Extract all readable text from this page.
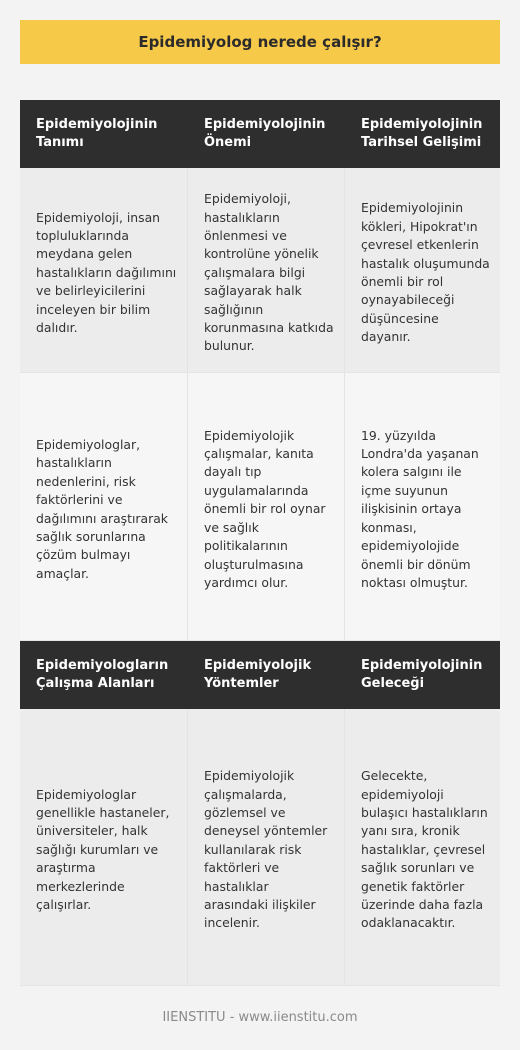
Epidemiyolog nerede çalışır?
Epidemiyolojinin Tanımı
Epidemiyolojinin Önemi
Epidemiyolojinin Tarihsel Gelişimi
Epidemiyoloji, insan topluluklarında meydana gelen hastalıkların dağılımını ve belirleyicilerini inceleyen bir bilim dalıdır.
Epidemiyoloji, hastalıkların önlenmesi ve kontrolüne yönelik çalışmalara bilgi sağlayarak halk sağlığının korunmasına katkıda bulunur.
Epidemiyolojinin kökleri, Hipokrat'ın çevresel etkenlerin hastalık oluşumunda önemli bir rol oynayabileceği düşüncesine dayanır.
Epidemiyologlar, hastalıkların nedenlerini, risk faktörlerini ve dağılımını araştırarak sağlık sorunlarına çözüm bulmayı amaçlar.
Epidemiyolojik çalışmalar, kanıta dayalı tıp uygulamalarında önemli bir rol oynar ve sağlık politikalarının oluşturulmasına yardımcı olur.
19. yüzyılda Londra'da yaşanan kolera salgını ile içme suyunun ilişkisinin ortaya konması, epidemiyolojide önemli bir dönüm noktası olmuştur.
Epidemiyologların Çalışma Alanları
Epidemiyolojik Yöntemler
Epidemiyolojinin Geleceği
Epidemiyologlar genellikle hastaneler, üniversiteler, halk sağlığı kurumları ve araştırma merkezlerinde çalışırlar.
Epidemiyolojik çalışmalarda, gözlemsel ve deneysel yöntemler kullanılarak risk faktörleri ve hastalıklar arasındaki ilişkiler incelenir.
Gelecekte, epidemiyoloji bulaşıcı hastalıkların yanı sıra, kronik hastalıklar, çevresel sağlık sorunları ve genetik faktörler üzerinde daha fazla odaklanacaktır.
IIENSTITU - www.iienstitu.com
